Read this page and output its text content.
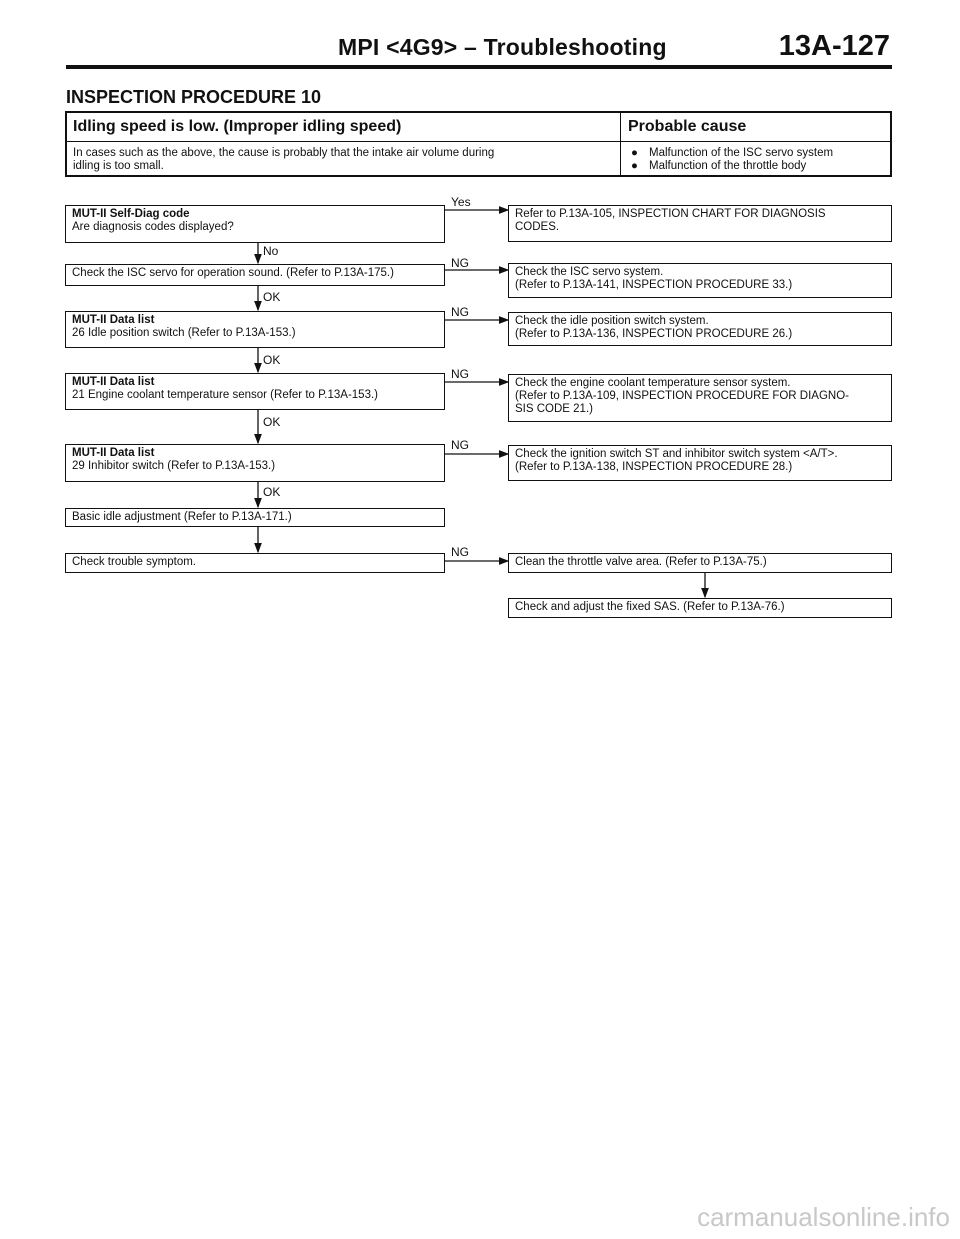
MPI <4G9> – Troubleshooting	13A-127
INSPECTION PROCEDURE 10
Idling speed is low. (Improper idling speed)	Probable cause
In cases such as the above, the cause is probably that the intake air volume during
idling is too small.
● Malfunction of the ISC servo system
● Malfunction of the throttle body
MUT-II Self-Diag code
Are diagnosis codes displayed?
Check the ISC servo for operation sound. (Refer to P.13A-175.)
MUT-II Data list
26 Idle position switch (Refer to P.13A-153.)
MUT-II Data list
21 Engine coolant temperature sensor (Refer to P.13A-153.)
MUT-II Data list
29 Inhibitor switch (Refer to P.13A-153.)
Basic idle adjustment (Refer to P.13A-171.)
Check trouble symptom.
Refer to P.13A-105, INSPECTION CHART FOR DIAGNOSIS
CODES.
Check the ISC servo system.
(Refer to P.13A-141, INSPECTION PROCEDURE 33.)
Check the idle position switch system.
(Refer to P.13A-136, INSPECTION PROCEDURE 26.)
Check the engine coolant temperature sensor system.
(Refer to P.13A-109, INSPECTION PROCEDURE FOR DIAGNO-
SIS CODE 21.)
Check the ignition switch ST and inhibitor switch system <A/T>.
(Refer to P.13A-138, INSPECTION PROCEDURE 28.)
Clean the throttle valve area. (Refer to P.13A-75.)
Check and adjust the fixed SAS. (Refer to P.13A-76.)
Yes
No
NG
OK
NG
OK
NG
OK
NG
OK
NG
carmanualsonline.info
